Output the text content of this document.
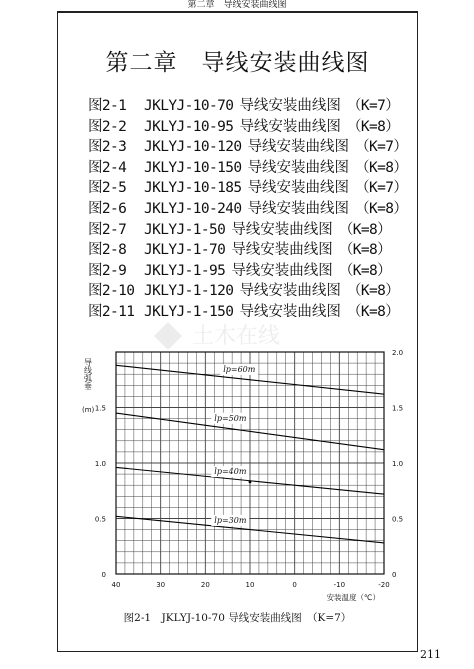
第二章　导线安装曲线图
第二章　导线安装曲线图
图2-1 JKLYJ-10-70 导线安装曲线图 （K=7）
图2-2 JKLYJ-10-95 导线安装曲线图 （K=8）
图2-3 JKLYJ-10-120 导线安装曲线图 （K=7）
图2-4 JKLYJ-10-150 导线安装曲线图 （K=8）
图2-5 JKLYJ-10-185 导线安装曲线图 （K=7）
图2-6 JKLYJ-10-240 导线安装曲线图 （K=8）
图2-7 JKLYJ-1-50 导线安装曲线图 （K=8）
图2-8 JKLYJ-1-70 导线安装曲线图 （K=8）
图2-9 JKLYJ-1-95 导线安装曲线图 （K=8）
图2-10 JKLYJ-1-120 导线安装曲线图 （K=8）
图2-11 JKLYJ-1-150 导线安装曲线图 （K=8）
40	30	20	10	0	-10	-20
0
0.5
1.0
1.5
0
0.5
1.0
1.5
2.0
导线弧垂
(m)
安装温度（℃）
lp=60m
lp=50m
lp=40m
lp=30m
图2-1　JKLYJ-10-70 导线安装曲线图　（K=7）
211
土木在线
